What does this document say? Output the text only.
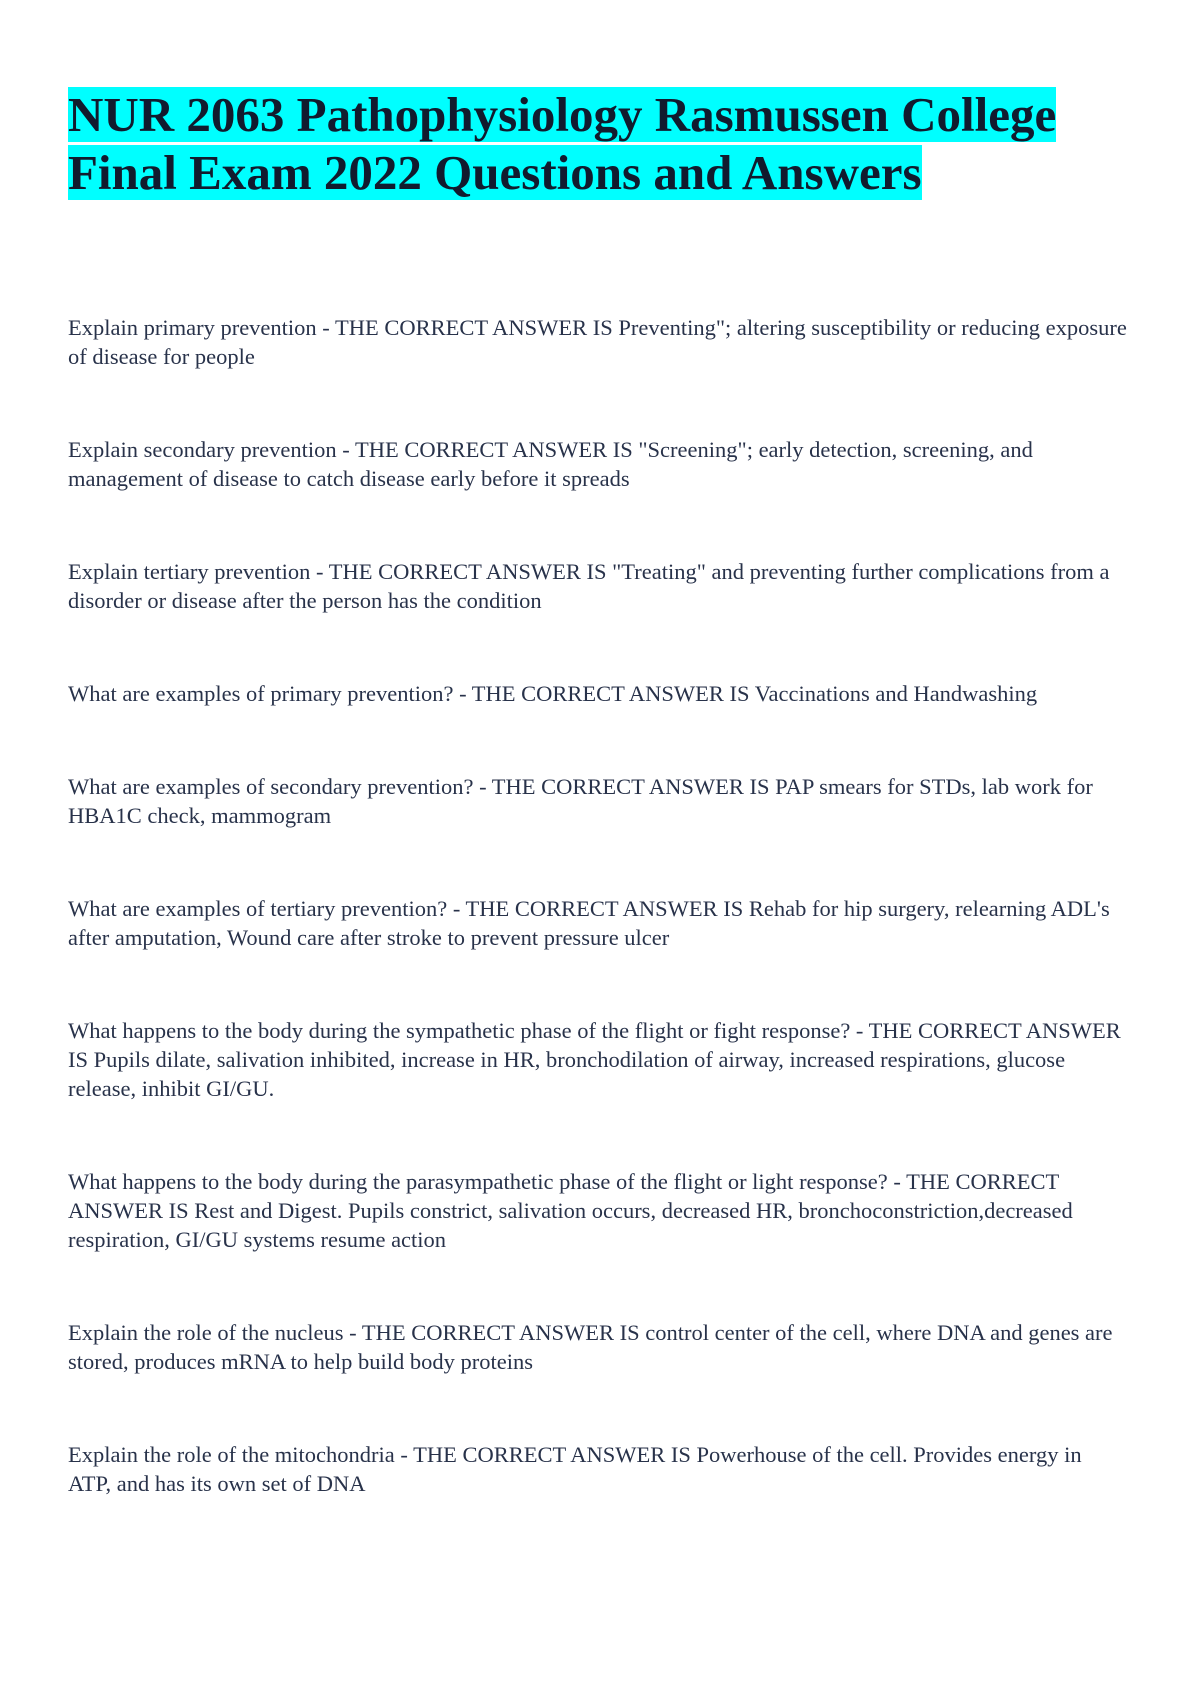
NUR 2063 Pathophysiology Rasmussen College
Final Exam 2022 Questions and Answers

Explain primary prevention - THE CORRECT ANSWER IS Preventing"; altering susceptibility or reducing exposure of disease for people

Explain secondary prevention - THE CORRECT ANSWER IS "Screening"; early detection, screening, and management of disease to catch disease early before it spreads

Explain tertiary prevention - THE CORRECT ANSWER IS "Treating" and preventing further complications from a disorder or disease after the person has the condition

What are examples of primary prevention? - THE CORRECT ANSWER IS Vaccinations and Handwashing

What are examples of secondary prevention? - THE CORRECT ANSWER IS PAP smears for STDs, lab work for HBA1C check, mammogram

What are examples of tertiary prevention? - THE CORRECT ANSWER IS Rehab for hip surgery, relearning ADL's after amputation, Wound care after stroke to prevent pressure ulcer

What happens to the body during the sympathetic phase of the flight or fight response? - THE CORRECT ANSWER IS Pupils dilate, salivation inhibited, increase in HR, bronchodilation of airway, increased respirations, glucose release, inhibit GI/GU.

What happens to the body during the parasympathetic phase of the flight or light response? - THE CORRECT ANSWER IS Rest and Digest. Pupils constrict, salivation occurs, decreased HR, bronchoconstriction,decreased respiration, GI/GU systems resume action

Explain the role of the nucleus - THE CORRECT ANSWER IS control center of the cell, where DNA and genes are stored, produces mRNA to help build body proteins

Explain the role of the mitochondria - THE CORRECT ANSWER IS Powerhouse of the cell. Provides energy in ATP, and has its own set of DNA
